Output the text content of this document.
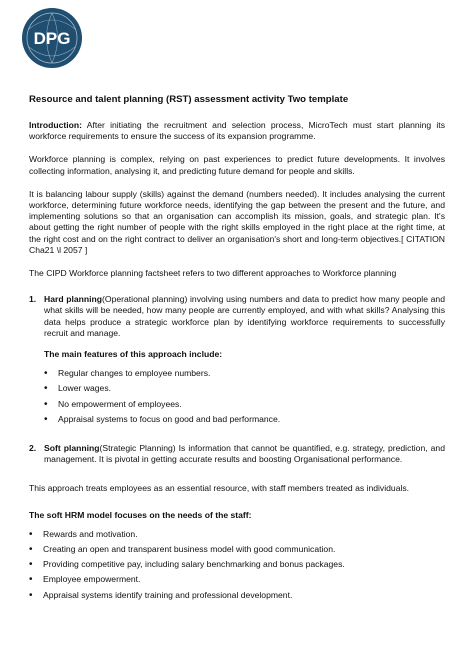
DPG
Resource and talent planning (RST) assessment activity Two template

Introduction: After initiating the recruitment and selection process, MicroTech must start planning its workforce requirements to ensure the success of its expansion programme.

Workforce planning is complex, relying on past experiences to predict future developments. It involves collecting information, analysing it, and predicting future demand for people and skills.

It is balancing labour supply (skills) against the demand (numbers needed). It includes analysing the current workforce, determining future workforce needs, identifying the gap between the present and the future, and implementing solutions so that an organisation can accomplish its mission, goals, and strategic plan. It's about getting the right number of people with the right skills employed in the right place at the right time, at the right cost and on the right contract to deliver an organisation's short and long-term objectives.[ CITATION Cha21 \l 2057 ]

The CIPD Workforce planning factsheet refers to two different approaches to Workforce planning

1. Hard planning(Operational planning) involving using numbers and data to predict how many people and what skills will be needed, how many people are currently employed, and with what skills? Analysing this data helps produce a strategic workforce plan by identifying workforce requirements to successfully recruit and manage.
The main features of this approach include:
•	Regular changes to employee numbers.
•	Lower wages.
•	No empowerment of employees.
•	Appraisal systems to focus on good and bad performance.
2. Soft planning(Strategic Planning) Is information that cannot be quantified, e.g. strategy, prediction, and management. It is pivotal in getting accurate results and boosting Organisational performance.

This approach treats employees as an essential resource, with staff members treated as individuals.

The soft HRM model focuses on the needs of the staff:
•	Rewards and motivation.
•	Creating an open and transparent business model with good communication.
•	Providing competitive pay, including salary benchmarking and bonus packages.
•	Employee empowerment.
•	Appraisal systems identify training and professional development.
